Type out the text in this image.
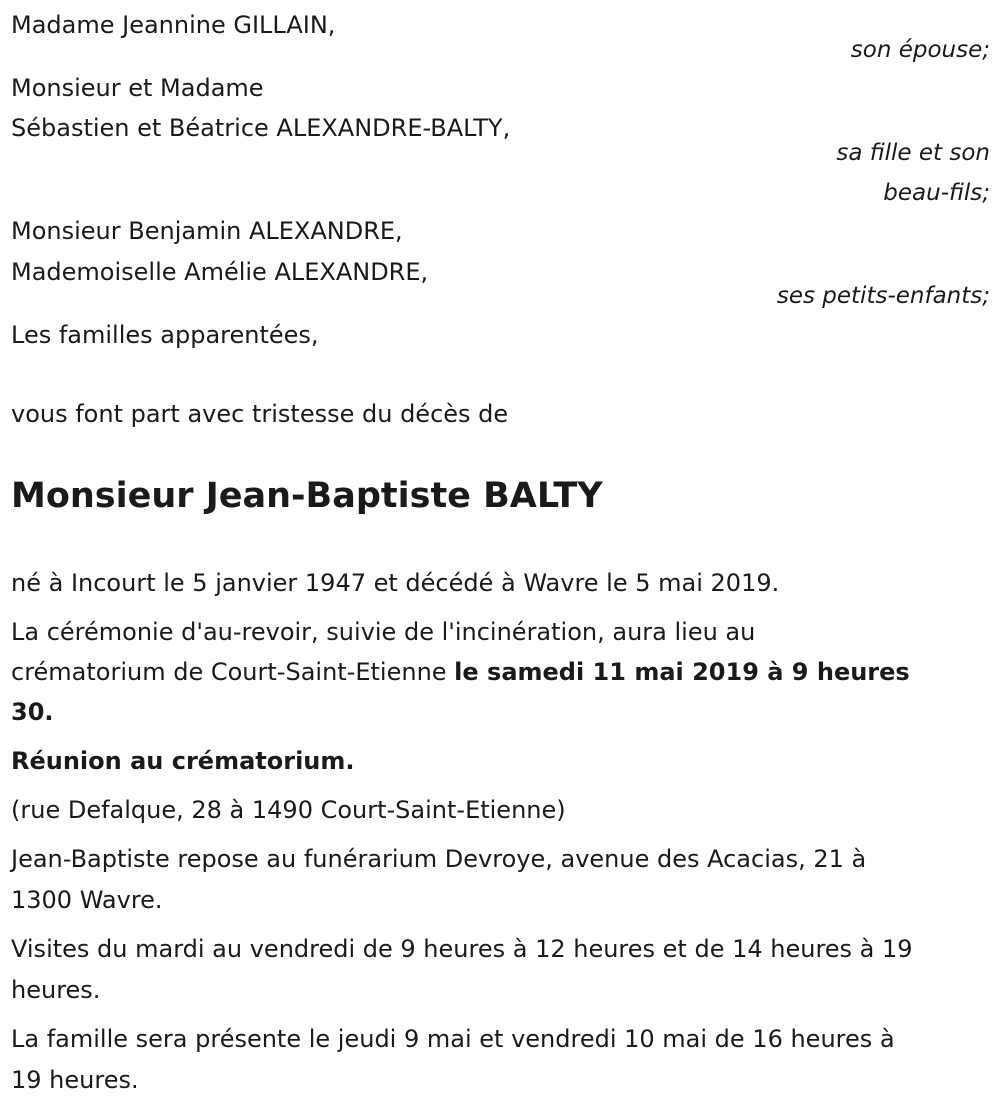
Madame Jeannine GILLAIN,
son épouse;
Monsieur et Madame
Sébastien et Béatrice ALEXANDRE-BALTY,
sa fille et son
beau-fils;
Monsieur Benjamin ALEXANDRE,
Mademoiselle Amélie ALEXANDRE,
ses petits-enfants;
Les familles apparentées,
vous font part avec tristesse du décès de
Monsieur Jean-Baptiste BALTY
né à Incourt le 5 janvier 1947 et décédé à Wavre le 5 mai 2019.
La cérémonie d'au-revoir, suivie de l'incinération, aura lieu au
crématorium de Court-Saint-Etienne le samedi 11 mai 2019 à 9 heures
30.
Réunion au crématorium.
(rue Defalque, 28 à 1490 Court-Saint-Etienne)
Jean-Baptiste repose au funérarium Devroye, avenue des Acacias, 21 à
1300 Wavre.
Visites du mardi au vendredi de 9 heures à 12 heures et de 14 heures à 19
heures.
La famille sera présente le jeudi 9 mai et vendredi 10 mai de 16 heures à
19 heures.
